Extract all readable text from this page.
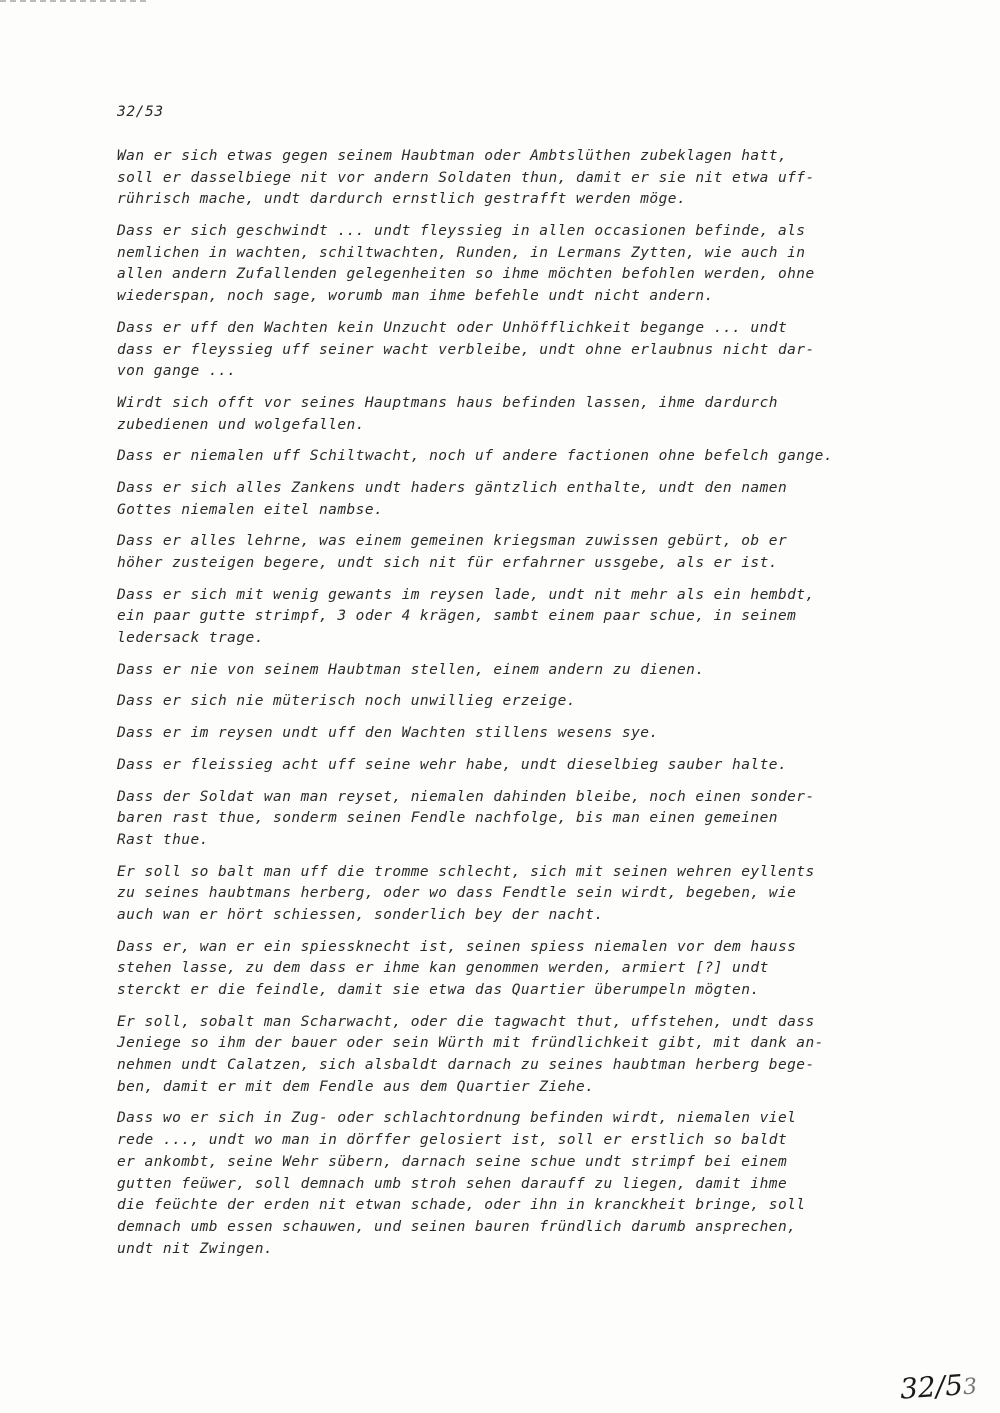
32/53
Wan er sich etwas gegen seinem Haubtman oder Ambtslüthen zubeklagen hatt,
soll er dasselbiege nit vor andern Soldaten thun, damit er sie nit etwa uff-
rührisch mache, undt dardurch ernstlich gestrafft werden möge.
Dass er sich geschwindt ... undt fleyssieg in allen occasionen befinde, als
nemlichen in wachten, schiltwachten, Runden, in Lermans Zytten, wie auch in
allen andern Zufallenden gelegenheiten so ihme möchten befohlen werden, ohne
wiederspan, noch sage, worumb man ihme befehle undt nicht andern.
Dass er uff den Wachten kein Unzucht oder Unhöfflichkeit begange ... undt
dass er fleyssieg uff seiner wacht verbleibe, undt ohne erlaubnus nicht dar-
von gange ...
Wirdt sich offt vor seines Hauptmans haus befinden lassen, ihme dardurch
zubedienen und wolgefallen.
Dass er niemalen uff Schiltwacht, noch uf andere factionen ohne befelch gange.
Dass er sich alles Zankens undt haders gäntzlich enthalte, undt den namen
Gottes niemalen eitel nambse.
Dass er alles lehrne, was einem gemeinen kriegsman zuwissen gebürt, ob er
höher zusteigen begere, undt sich nit für erfahrner ussgebe, als er ist.
Dass er sich mit wenig gewants im reysen lade, undt nit mehr als ein hembdt,
ein paar gutte strimpf, 3 oder 4 krägen, sambt einem paar schue, in seinem
ledersack trage.
Dass er nie von seinem Haubtman stellen, einem andern zu dienen.
Dass er sich nie müterisch noch unwillieg erzeige.
Dass er im reysen undt uff den Wachten stillens wesens sye.
Dass er fleissieg acht uff seine wehr habe, undt dieselbieg sauber halte.
Dass der Soldat wan man reyset, niemalen dahinden bleibe, noch einen sonder-
baren rast thue, sonderm seinen Fendle nachfolge, bis man einen gemeinen
Rast thue.
Er soll so balt man uff die tromme schlecht, sich mit seinen wehren eyllents
zu seines haubtmans herberg, oder wo dass Fendtle sein wirdt, begeben, wie
auch wan er hört schiessen, sonderlich bey der nacht.
Dass er, wan er ein spiessknecht ist, seinen spiess niemalen vor dem hauss
stehen lasse, zu dem dass er ihme kan genommen werden, armiert [?] undt
sterckt er die feindle, damit sie etwa das Quartier überumpeln mögten.
Er soll, sobalt man Scharwacht, oder die tagwacht thut, uffstehen, undt dass
Jeniege so ihm der bauer oder sein Würth mit fründlichkeit gibt, mit dank an-
nehmen undt Calatzen, sich alsbaldt darnach zu seines haubtman herberg bege-
ben, damit er mit dem Fendle aus dem Quartier Ziehe.
Dass wo er sich in Zug- oder schlachtordnung befinden wirdt, niemalen viel
rede ..., undt wo man in dörffer gelosiert ist, soll er erstlich so baldt
er ankombt, seine Wehr sübern, darnach seine schue undt strimpf bei einem
gutten feüwer, soll demnach umb stroh sehen darauff zu liegen, damit ihme
die feüchte der erden nit etwan schade, oder ihn in kranckheit bringe, soll
demnach umb essen schauwen, und seinen bauren fründlich darumb ansprechen,
undt nit Zwingen.
32/53
